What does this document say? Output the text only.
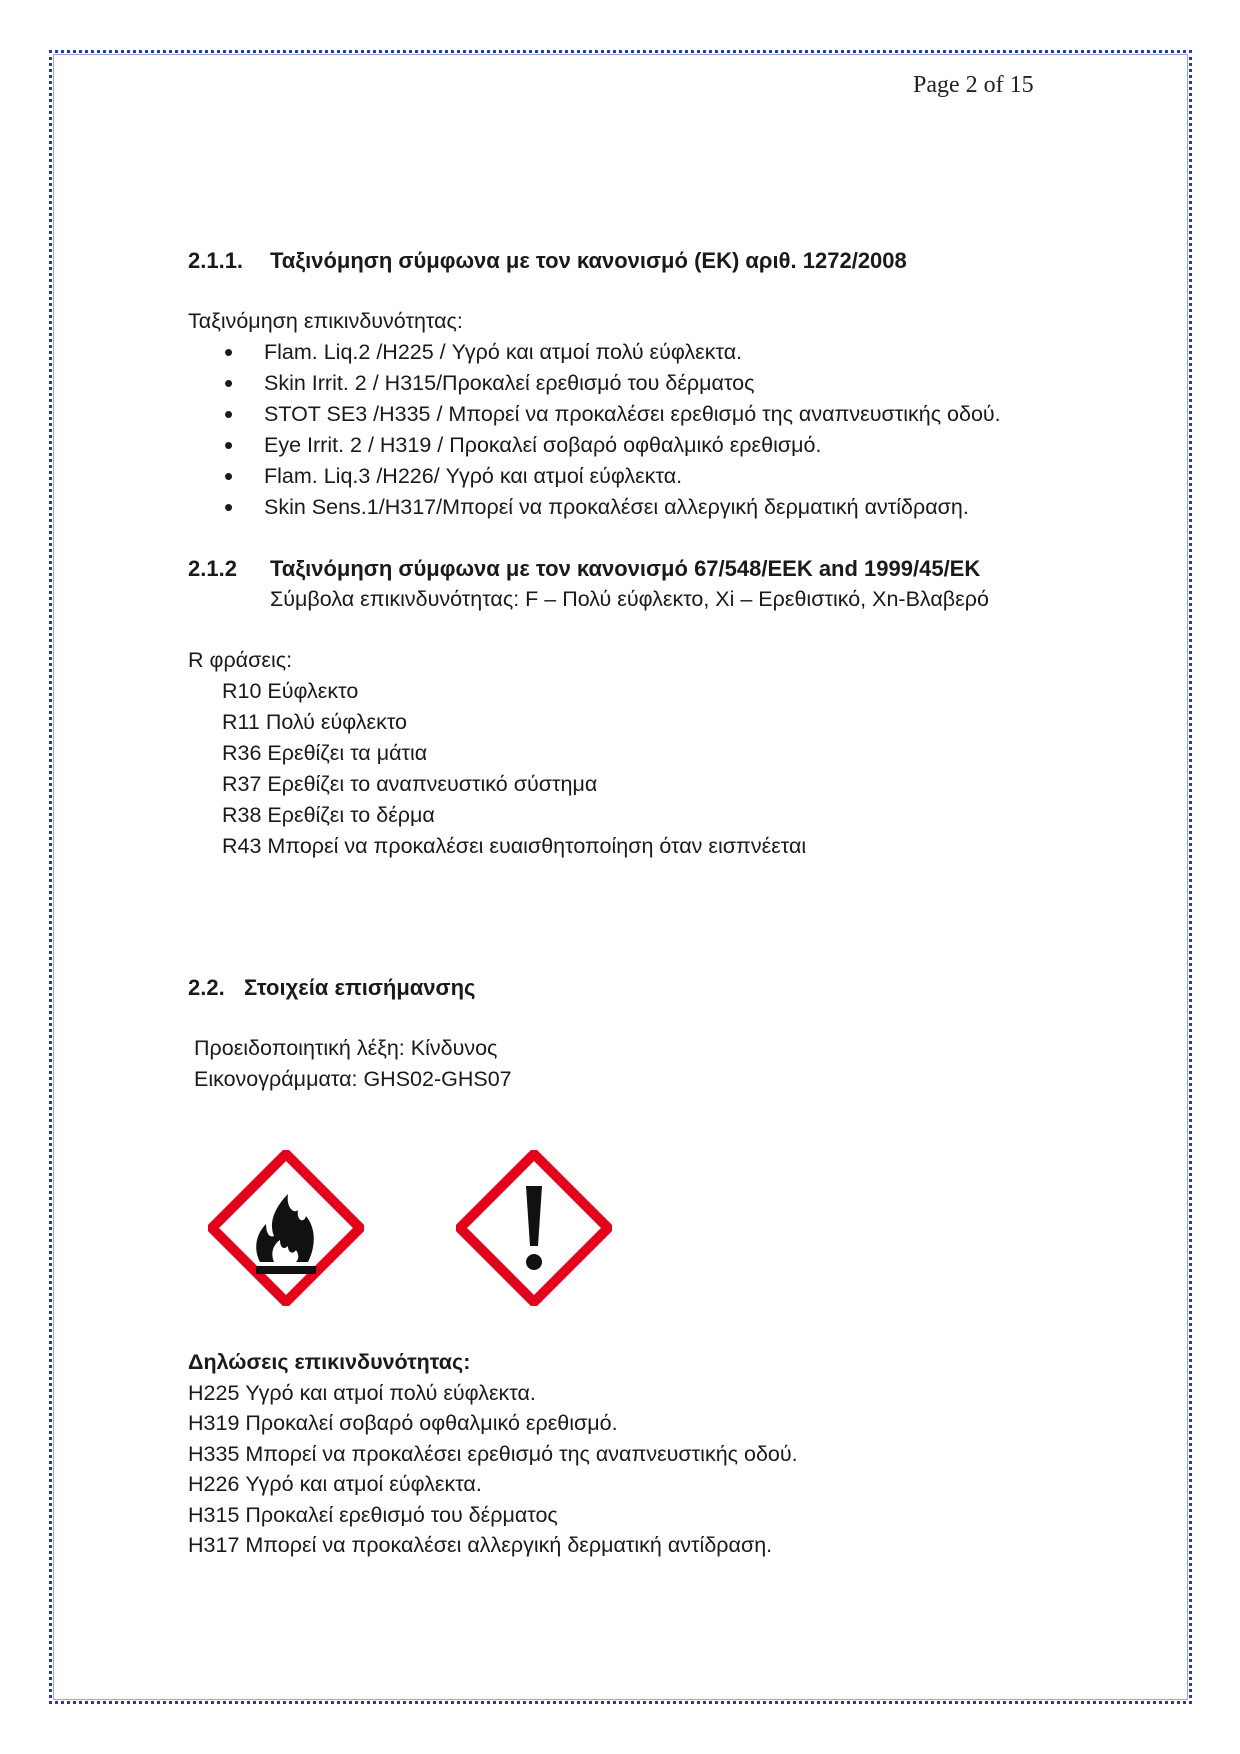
Page 2 of 15
2.1.1. Ταξινόμηση σύμφωνα με τον κανονισμό (ΕΚ) αριθ. 1272/2008
Ταξινόμηση επικινδυνότητας:
• Flam. Liq.2 /H225 / Υγρό και ατμοί πολύ εύφλεκτα.
• Skin Irrit. 2 / H315/Προκαλεί ερεθισμό του δέρματος
• STOT SE3 /H335 / Μπορεί να προκαλέσει ερεθισμό της αναπνευστικής οδού.
• Eye Irrit. 2 / H319 / Προκαλεί σοβαρό οφθαλμικό ερεθισμό.
• Flam. Liq.3 /H226/ Υγρό και ατμοί εύφλεκτα.
• Skin Sens.1/H317/Μπορεί να προκαλέσει αλλεργική δερματική αντίδραση.
2.1.2 Ταξινόμηση σύμφωνα με τον κανονισμό 67/548/ΕΕΚ and 1999/45/ΕΚ
Σύμβολα επικινδυνότητας: F – Πολύ εύφλεκτο, Xi – Ερεθιστικό, Xn-Βλαβερό
R φράσεις:
R10 Εύφλεκτο
R11 Πολύ εύφλεκτο
R36 Ερεθίζει τα μάτια
R37 Ερεθίζει το αναπνευστικό σύστημα
R38 Ερεθίζει το δέρμα
R43 Μπορεί να προκαλέσει ευαισθητοποίηση όταν εισπνέεται
2.2. Στοιχεία επισήμανσης
Προειδοποιητική λέξη: Κίνδυνος
Εικονογράμματα: GHS02-GHS07
Δηλώσεις επικινδυνότητας:
H225 Υγρό και ατμοί πολύ εύφλεκτα.
H319 Προκαλεί σοβαρό οφθαλμικό ερεθισμό.
H335 Μπορεί να προκαλέσει ερεθισμό της αναπνευστικής οδού.
H226 Υγρό και ατμοί εύφλεκτα.
H315 Προκαλεί ερεθισμό του δέρματος
H317 Μπορεί να προκαλέσει αλλεργική δερματική αντίδραση.
